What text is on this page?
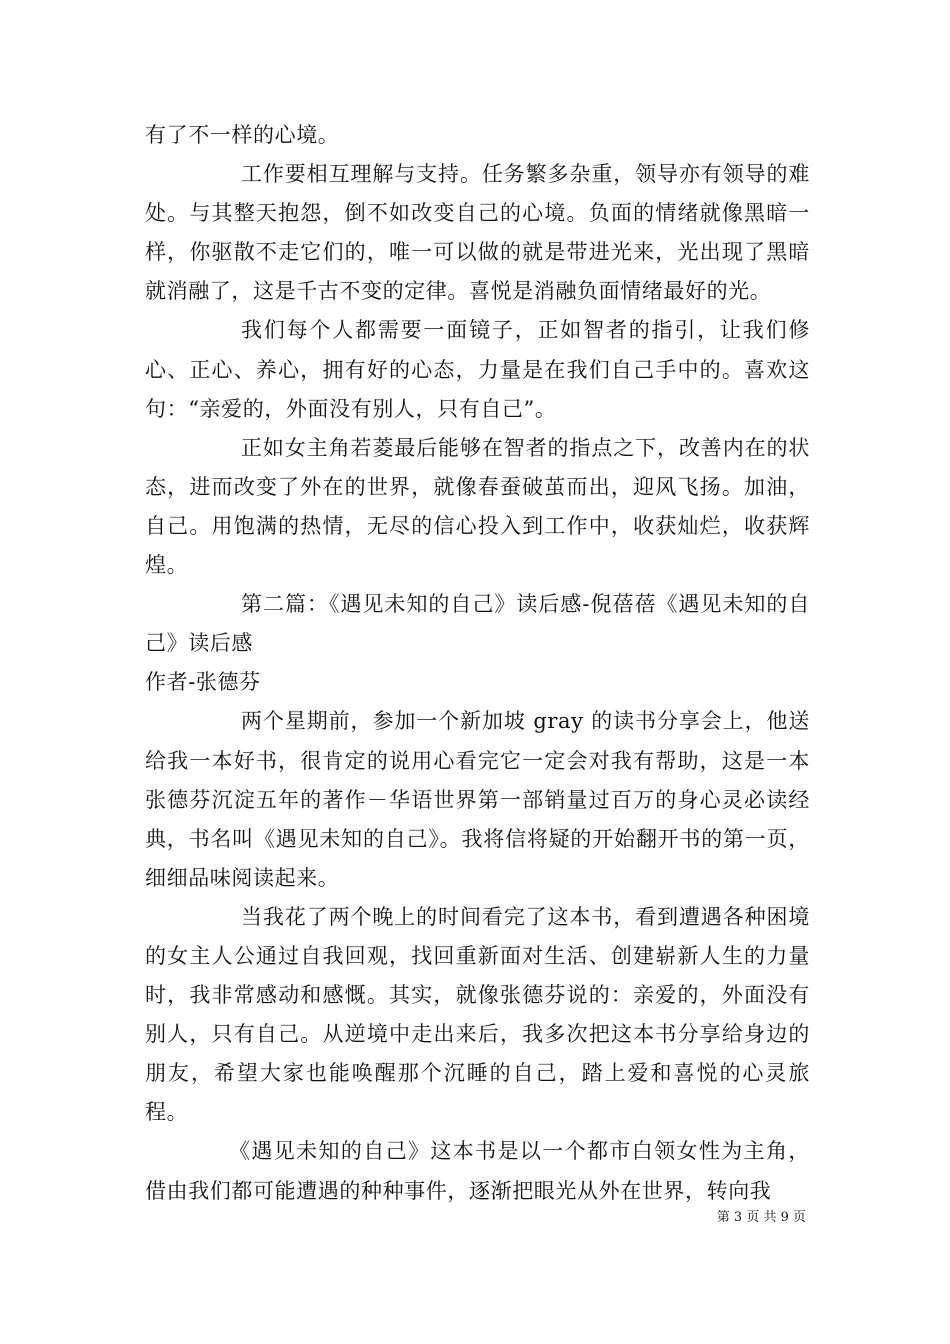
有了不一样的心境。

工作要相互理解与支持。任务繁多杂重，领导亦有领导的难处。与其整天抱怨，倒不如改变自己的心境。负面的情绪就像黑暗一样，你驱散不走它们的，唯一可以做的就是带进光来，光出现了黑暗就消融了，这是千古不变的定律。喜悦是消融负面情绪最好的光。

我们每个人都需要一面镜子，正如智者的指引，让我们修心、正心、养心，拥有好的心态，力量是在我们自己手中的。喜欢这句：“亲爱的，外面没有别人，只有自己”。

正如女主角若菱最后能够在智者的指点之下，改善内在的状态，进而改变了外在的世界，就像春蚕破茧而出，迎风飞扬。加油，自己。用饱满的热情，无尽的信心投入到工作中，收获灿烂，收获辉煌。

第二篇：《遇见未知的自己》读后感-倪蓓蓓《遇见未知的自己》读后感

作者-张德芬

两个星期前，参加一个新加坡 gray 的读书分享会上，他送给我一本好书，很肯定的说用心看完它一定会对我有帮助，这是一本张德芬沉淀五年的著作－华语世界第一部销量过百万的身心灵必读经典，书名叫《遇见未知的自己》。我将信将疑的开始翻开书的第一页，细细品味阅读起来。

当我花了两个晚上的时间看完了这本书，看到遭遇各种困境的女主人公通过自我回观，找回重新面对生活、创建崭新人生的力量时，我非常感动和感慨。其实，就像张德芬说的：亲爱的，外面没有别人，只有自己。从逆境中走出来后，我多次把这本书分享给身边的朋友，希望大家也能唤醒那个沉睡的自己，踏上爱和喜悦的心灵旅程。

《遇见未知的自己》这本书是以一个都市白领女性为主角，借由我们都可能遭遇的种种事件，逐渐把眼光从外在世界，转向我

第 3 页 共 9 页
